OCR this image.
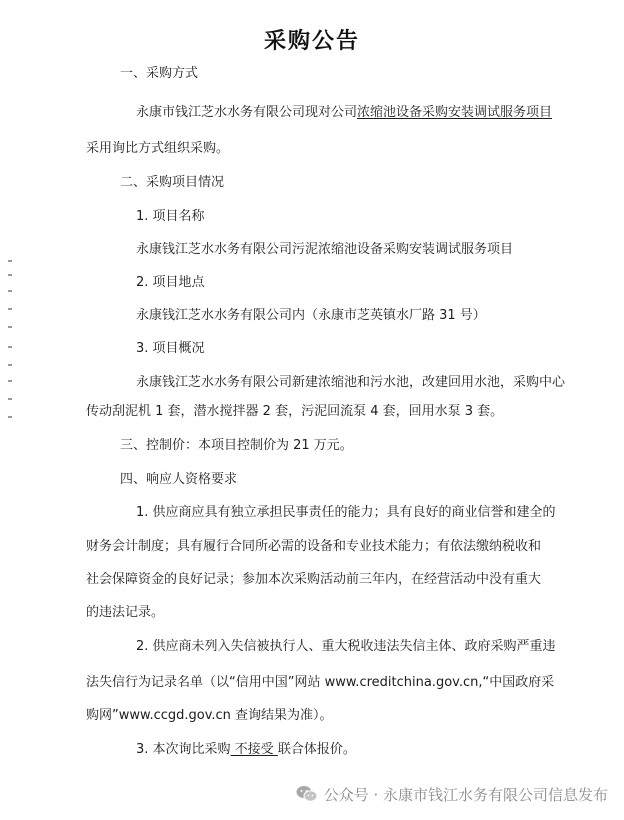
采购公告
一、采购方式
永康市钱江芝水水务有限公司现对公司浓缩池设备采购安装调试服务项目
采用询比方式组织采购。
二、采购项目情况
1. 项目名称
永康钱江芝水水务有限公司污泥浓缩池设备采购安装调试服务项目
2. 项目地点
永康钱江芝水水务有限公司内（永康市芝英镇水厂路 31 号）
3. 项目概况
永康钱江芝水水务有限公司新建浓缩池和污水池，改建回用水池，采购中心
传动刮泥机 1 套，潜水搅拌器 2 套，污泥回流泵 4 套，回用水泵 3 套。
三、控制价：本项目控制价为 21 万元。
四、响应人资格要求
1. 供应商应具有独立承担民事责任的能力；具有良好的商业信誉和建全的
财务会计制度；具有履行合同所必需的设备和专业技术能力；有依法缴纳税收和
社会保障资金的良好记录；参加本次采购活动前三年内，在经营活动中没有重大
的违法记录。
2. 供应商未列入失信被执行人、重大税收违法失信主体、政府采购严重违
法失信行为记录名单（以“信用中国”网站 www.creditchina.gov.cn,“中国政府采
购网”www.ccgd.gov.cn 查询结果为准）。
3. 本次询比采购 不接受 联合体报价。
公众号 · 永康市钱江水务有限公司信息发布
